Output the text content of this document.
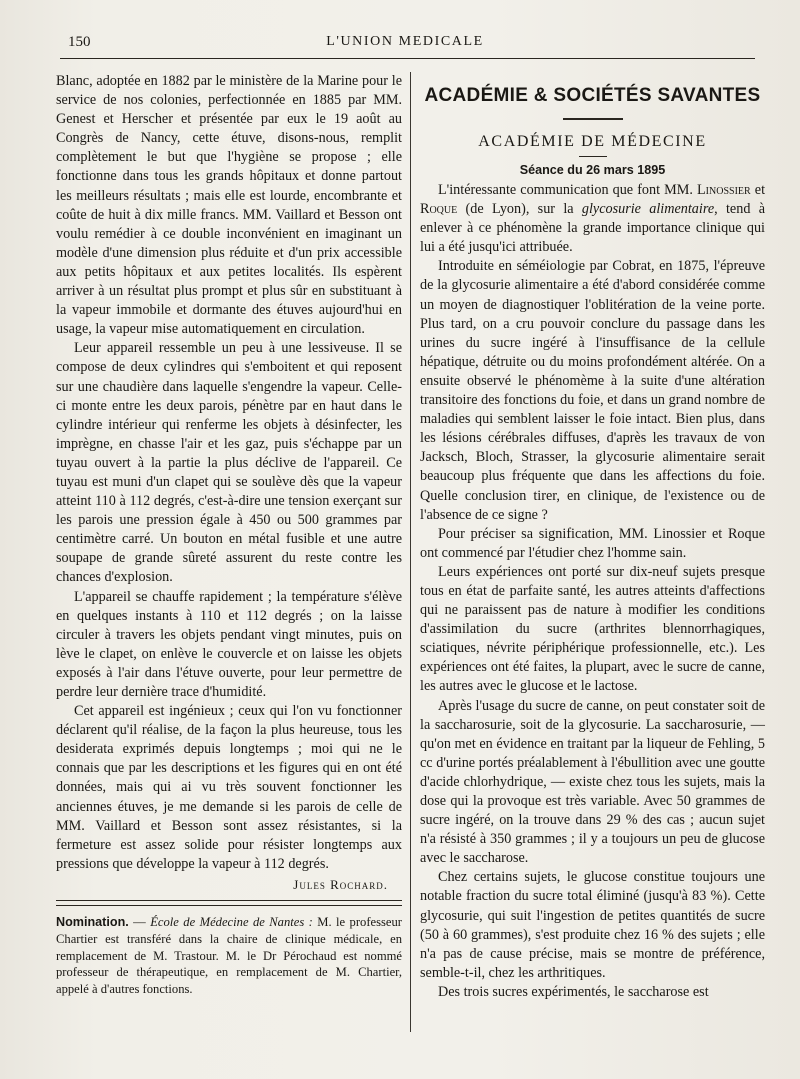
150	L'UNION MEDICALE

Blanc, adoptée en 1882 par le ministère de la Marine pour le service de nos colonies, perfectionnée en 1885 par MM. Genest et Herscher et présentée par eux le 19 août au Congrès de Nancy, cette étuve, disons-nous, remplit complètement le but que l'hygiène se propose ; elle fonctionne dans tous les grands hôpitaux et donne partout les meilleurs résultats ; mais elle est lourde, encombrante et coûte de huit à dix mille francs. MM. Vaillard et Besson ont voulu remédier à ce double inconvénient en imaginant un modèle d'une dimension plus réduite et d'un prix accessible aux petits hôpitaux et aux petites localités. Ils espèrent arriver à un résultat plus prompt et plus sûr en substituant à la vapeur immobile et dormante des étuves aujourd'hui en usage, la vapeur mise automatiquement en circulation.

Leur appareil ressemble un peu à une lessiveuse. Il se compose de deux cylindres qui s'emboitent et qui reposent sur une chaudière dans laquelle s'engendre la vapeur. Celle-ci monte entre les deux parois, pénètre par en haut dans le cylindre intérieur qui renferme les objets à désinfecter, les imprègne, en chasse l'air et les gaz, puis s'échappe par un tuyau ouvert à la partie la plus déclive de l'appareil. Ce tuyau est muni d'un clapet qui se soulève dès que la vapeur atteint 110 à 112 degrés, c'est-à-dire une tension exerçant sur les parois une pression égale à 450 ou 500 grammes par centimètre carré. Un bouton en métal fusible et une autre soupape de grande sûreté assurent du reste contre les chances d'explosion.

L'appareil se chauffe rapidement ; la température s'élève en quelques instants à 110 et 112 degrés ; on la laisse circuler à travers les objets pendant vingt minutes, puis on lève le clapet, on enlève le couvercle et on laisse les objets exposés à l'air dans l'étuve ouverte, pour leur permettre de perdre leur dernière trace d'humidité.

Cet appareil est ingénieux ; ceux qui l'on vu fonctionner déclarent qu'il réalise, de la façon la plus heureuse, tous les desiderata exprimés depuis longtemps ; moi qui ne le connais que par les descriptions et les figures qui en ont été données, mais qui ai vu très souvent fonctionner les anciennes étuves, je me demande si les parois de celle de MM. Vaillard et Besson sont assez résistantes, si la fermeture est assez solide pour résister longtemps aux pressions que développe la vapeur à 112 degrés.

Jules Rochard.
Nomination. — École de Médecine de Nantes : M. le professeur Chartier est transféré dans la chaire de clinique médicale, en remplacement de M. Trastour. M. le Dr Pérochaud est nommé professeur de thérapeutique, en remplacement de M. Chartier, appelé à d'autres fonctions.
ACADÉMIE & SOCIÉTÉS SAVANTES
ACADÉMIE DE MÉDECINE
Séance du 26 mars 1895

L'intéressante communication que font MM. Linossier et Roque (de Lyon), sur la glycosurie alimentaire, tend à enlever à ce phénomène la grande importance clinique qui lui a été jusqu'ici attribuée.

Introduite en séméiologie par Cobrat, en 1875, l'épreuve de la glycosurie alimentaire a été d'abord considérée comme un moyen de diagnostiquer l'oblitération de la veine porte. Plus tard, on a cru pouvoir conclure du passage dans les urines du sucre ingéré à l'insuffisance de la cellule hépatique, détruite ou du moins profondément altérée. On a ensuite observé le phénomème à la suite d'une altération transitoire des fonctions du foie, et dans un grand nombre de maladies qui semblent laisser le foie intact. Bien plus, dans les lésions cérébrales diffuses, d'après les travaux de von Jacksch, Bloch, Strasser, la glycosurie alimentaire serait beaucoup plus fréquente que dans les affections du foie. Quelle conclusion tirer, en clinique, de l'existence ou de l'absence de ce signe ?

Pour préciser sa signification, MM. Linossier et Roque ont commencé par l'étudier chez l'homme sain.

Leurs expériences ont porté sur dix-neuf sujets presque tous en état de parfaite santé, les autres atteints d'affections qui ne paraissent pas de nature à modifier les conditions d'assimilation du sucre (arthrites blennorrhagiques, sciatiques, névrite périphérique professionnelle, etc.). Les expériences ont été faites, la plupart, avec le sucre de canne, les autres avec le glucose et le lactose.

Après l'usage du sucre de canne, on peut constater soit de la saccharosurie, soit de la glycosurie. La saccharosurie, — qu'on met en évidence en traitant par la liqueur de Fehling, 5 cc d'urine portés préalablement à l'ébullition avec une goutte d'acide chlorhydrique, — existe chez tous les sujets, mais la dose qui la provoque est très variable. Avec 50 grammes de sucre ingéré, on la trouve dans 29 % des cas ; aucun sujet n'a résisté à 350 grammes ; il y a toujours un peu de glucose avec le saccharose.

Chez certains sujets, le glucose constitue toujours une notable fraction du sucre total éliminé (jusqu'à 83 %). Cette glycosurie, qui suit l'ingestion de petites quantités de sucre (50 à 60 grammes), s'est produite chez 16 % des sujets ; elle n'a pas de cause précise, mais se montre de préférence, semble-t-il, chez les arthritiques.

Des trois sucres expérimentés, le saccharose est
